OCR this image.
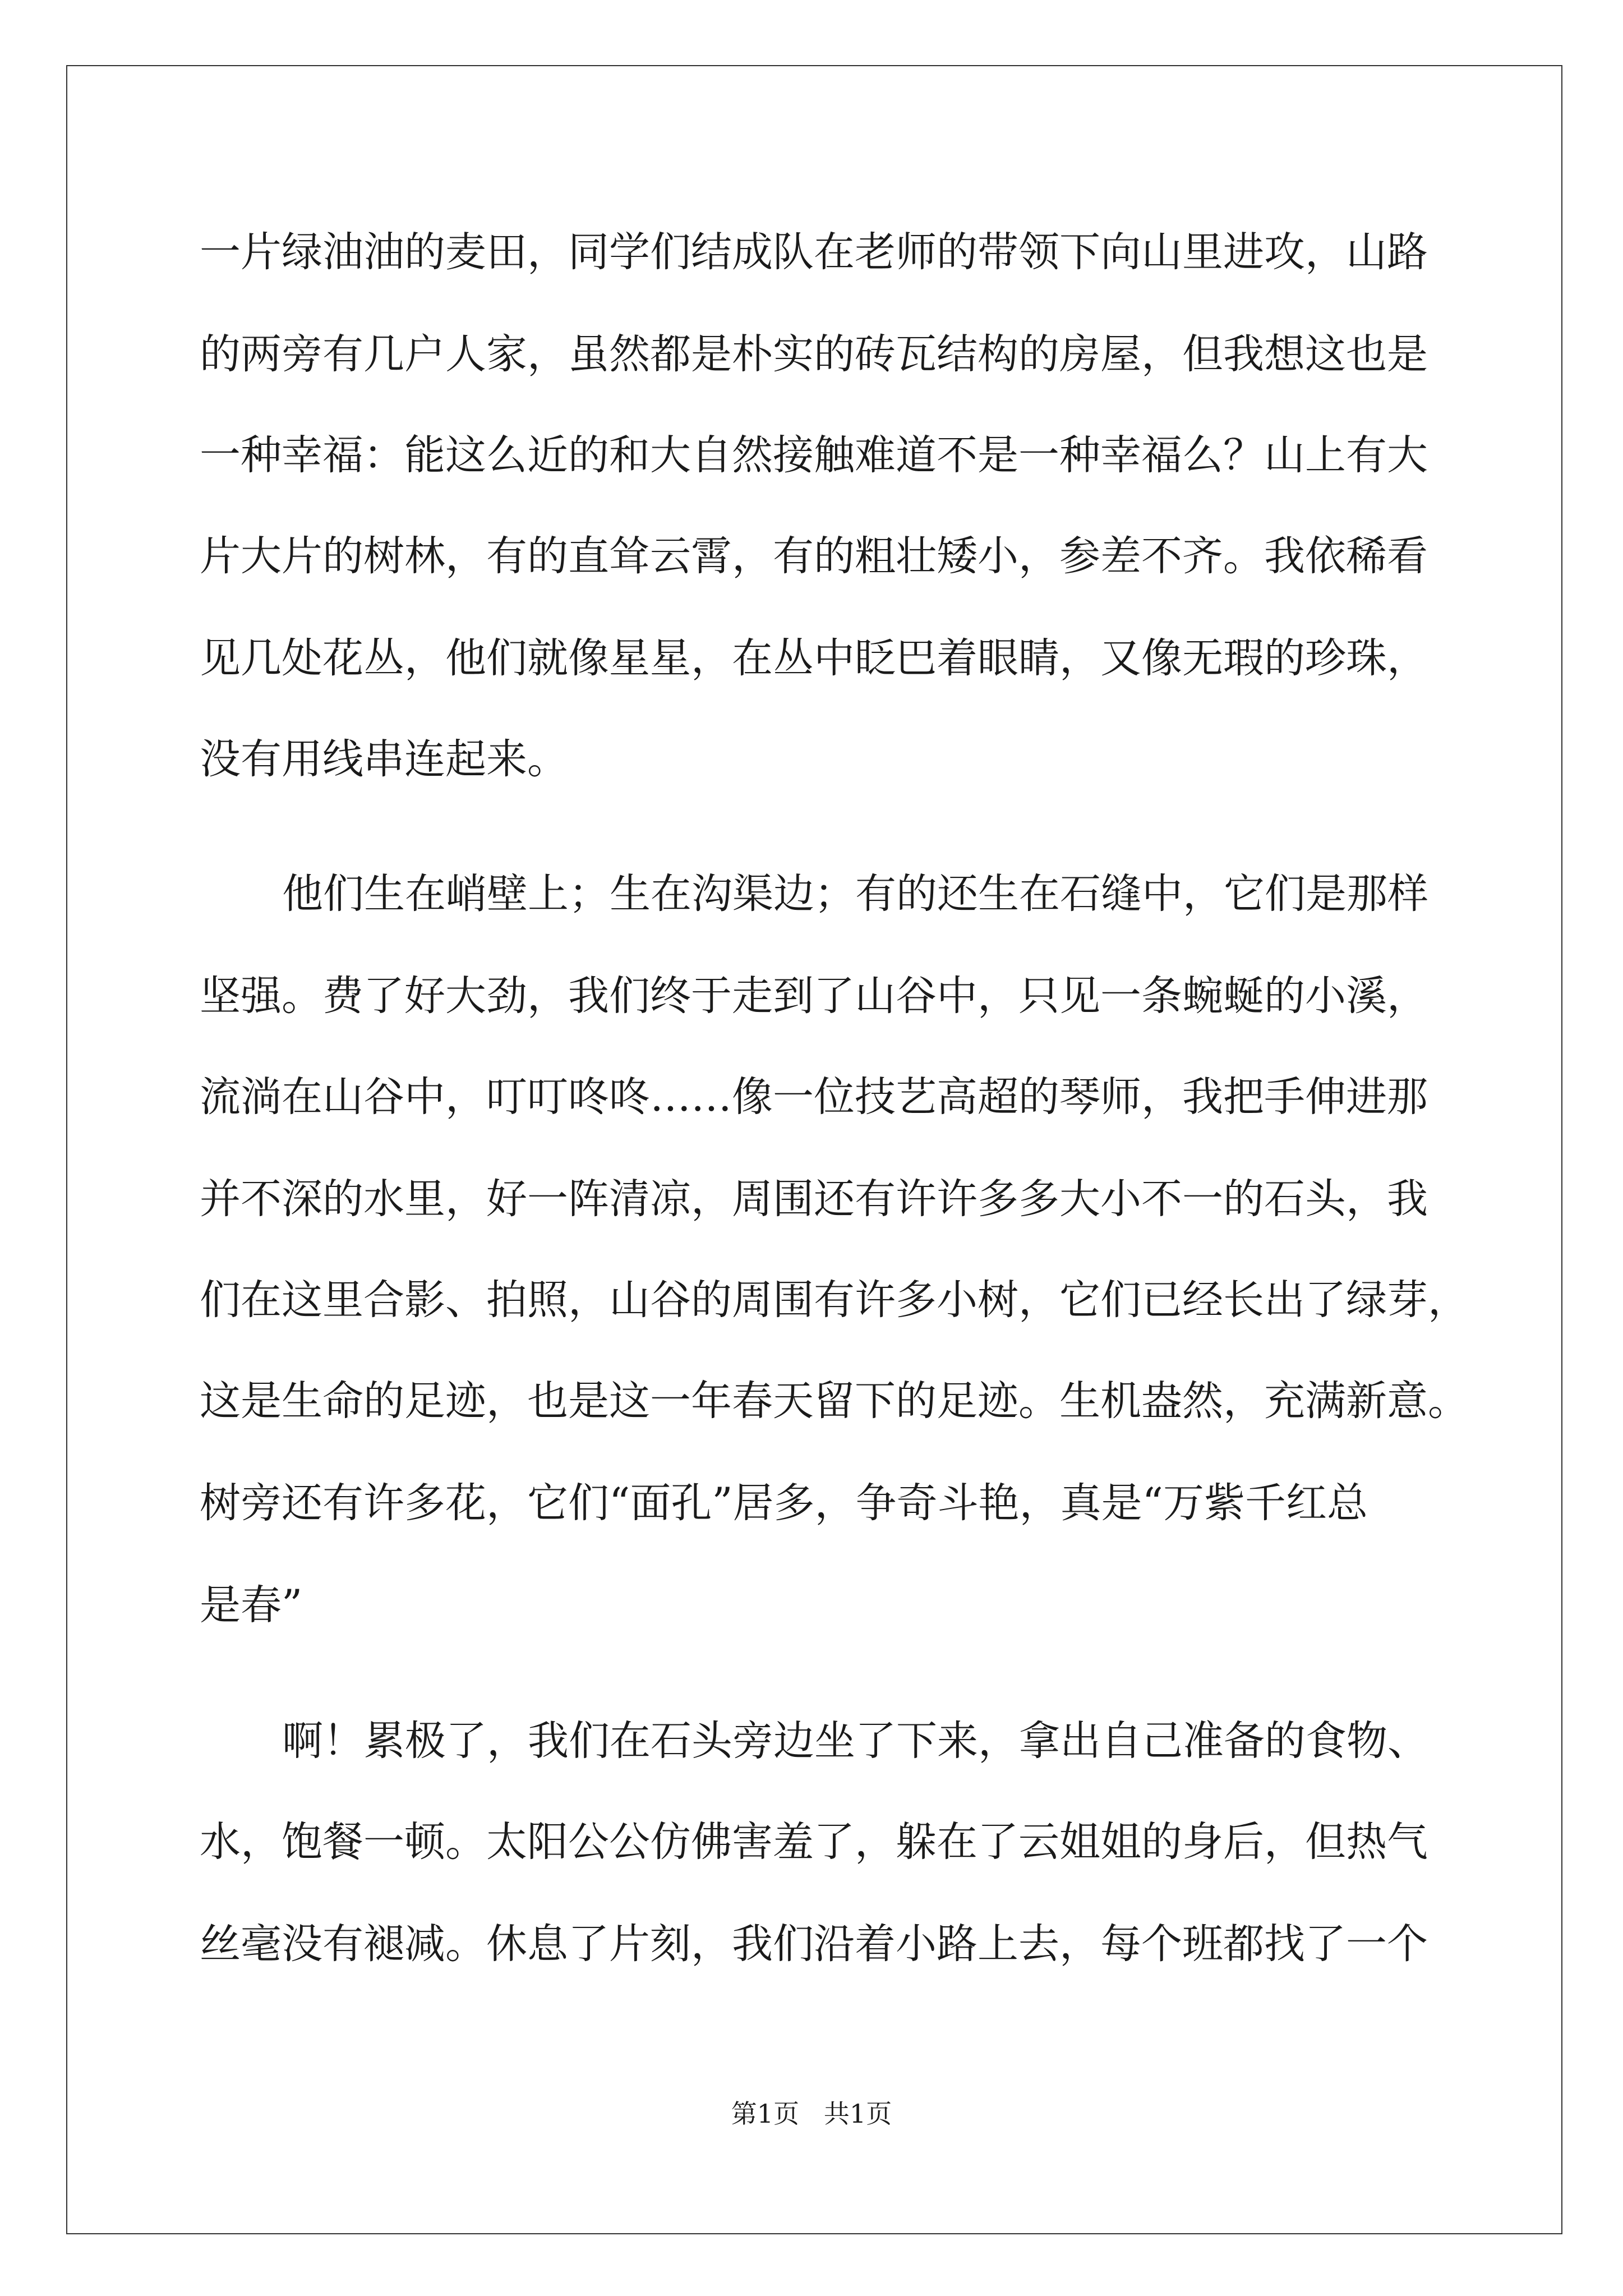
一片绿油油的麦田，同学们结成队在老师的带领下向山里进攻，山路

的两旁有几户人家，虽然都是朴实的砖瓦结构的房屋，但我想这也是

一种幸福：能这么近的和大自然接触难道不是一种幸福么？山上有大

片大片的树林，有的直耸云霄，有的粗壮矮小，参差不齐。我依稀看

见几处花丛，他们就像星星，在丛中眨巴着眼睛，又像无瑕的珍珠，

没有用线串连起来。

他们生在峭壁上；生在沟渠边；有的还生在石缝中，它们是那样

坚强。费了好大劲，我们终于走到了山谷中，只见一条蜿蜒的小溪，

流淌在山谷中，叮叮咚咚……像一位技艺高超的琴师，我把手伸进那

并不深的水里，好一阵清凉，周围还有许许多多大小不一的石头，我

们在这里合影、拍照，山谷的周围有许多小树，它们已经长出了绿芽，

这是生命的足迹，也是这一年春天留下的足迹。生机盎然，充满新意。

树旁还有许多花，它们“面孔”居多，争奇斗艳，真是“万紫千红总

是春”

啊！累极了，我们在石头旁边坐了下来，拿出自己准备的食物、

水，饱餐一顿。太阳公公仿佛害羞了，躲在了云姐姐的身后，但热气

丝毫没有褪减。休息了片刻，我们沿着小路上去，每个班都找了一个

第1页   共1页
